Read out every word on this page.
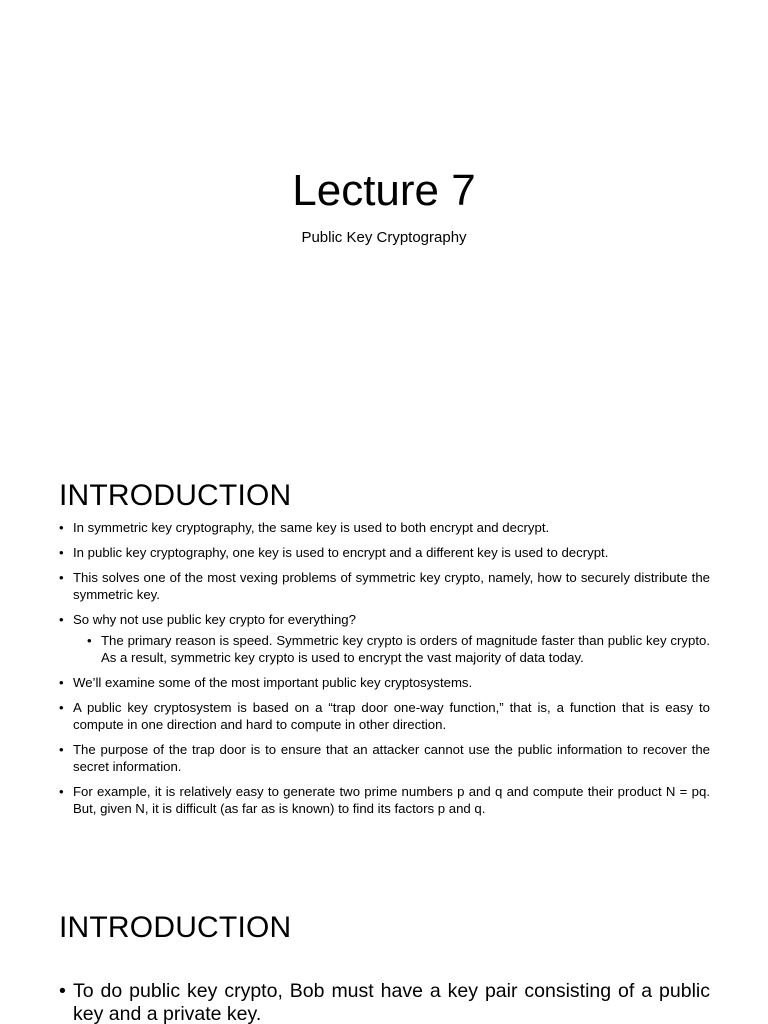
Lecture 7

Public Key Cryptography

INTRODUCTION
• In symmetric key cryptography, the same key is used to both encrypt and decrypt.
• In public key cryptography, one key is used to encrypt and a different key is used to decrypt.
• This solves one of the most vexing problems of symmetric key crypto, namely, how to securely distribute the symmetric key.
• So why not use public key crypto for everything?
• The primary reason is speed. Symmetric key crypto is orders of magnitude faster than public key crypto. As a result, symmetric key crypto is used to encrypt the vast majority of data today.
• We’ll examine some of the most important public key cryptosystems.
• A public key cryptosystem is based on a “trap door one-way function,” that is, a function that is easy to compute in one direction and hard to compute in other direction.
• The purpose of the trap door is to ensure that an attacker cannot use the public information to recover the secret information.
• For example, it is relatively easy to generate two prime numbers p and q and compute their product N = pq. But, given N, it is difficult (as far as is known) to find its factors p and q.
INTRODUCTION
• To do public key crypto, Bob must have a key pair consisting of a public key and a private key.
